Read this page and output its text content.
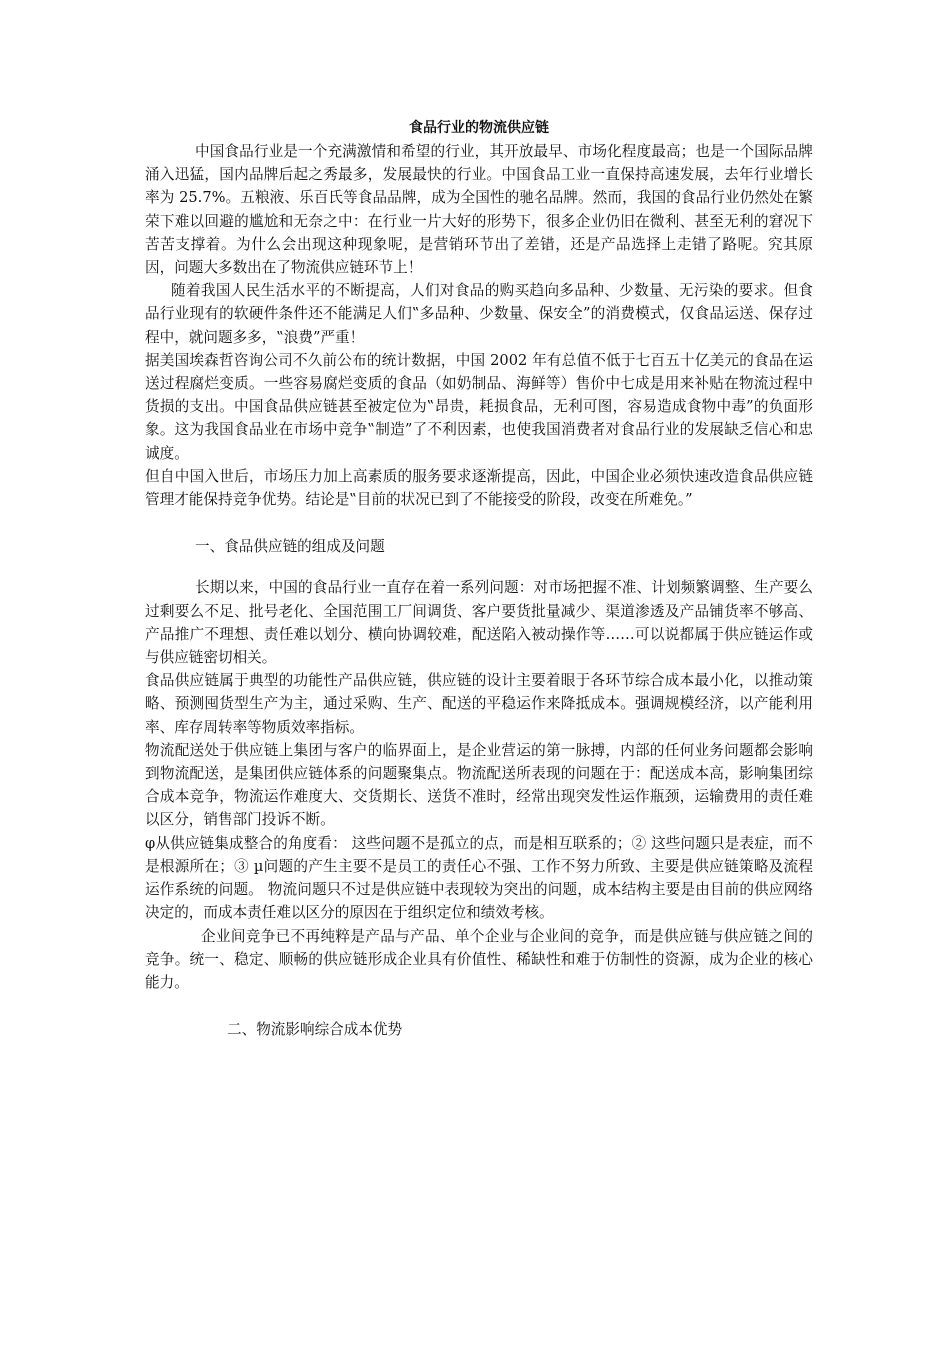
食品行业的物流供应链

中国食品行业是一个充满激情和希望的行业，其开放最早、市场化程度最高；也是一个国际品牌涌入迅猛，国内品牌后起之秀最多，发展最快的行业。中国食品工业一直保持高速发展，去年行业增长率为 25.7%。五粮液、乐百氏等食品品牌，成为全国性的驰名品牌。然而，我国的食品行业仍然处在繁荣下难以回避的尴尬和无奈之中：在行业一片大好的形势下，很多企业仍旧在微利、甚至无利的窘况下苦苦支撑着。为什么会出现这种现象呢，是营销环节出了差错，还是产品选择上走错了路呢。究其原因，问题大多数出在了物流供应链环节上！

随着我国人民生活水平的不断提高，人们对食品的购买趋向多品种、少数量、无污染的要求。但食品行业现有的软硬件条件还不能满足人们‟多品种、少数量、保安全”的消费模式，仅食品运送、保存过程中，就问题多多，‟浪费”严重！

据美国埃森哲咨询公司不久前公布的统计数据，中国 2002 年有总值不低于七百五十亿美元的食品在运送过程腐烂变质。一些容易腐烂变质的食品（如奶制品、海鲜等）售价中七成是用来补贴在物流过程中货损的支出。中国食品供应链甚至被定位为‟昂贵，耗损食品，无利可图，容易造成食物中毒”的负面形象。这为我国食品业在市场中竞争‟制造”了不利因素，也使我国消费者对食品行业的发展缺乏信心和忠诚度。

但自中国入世后，市场压力加上高素质的服务要求逐渐提高，因此，中国企业必须快速改造食品供应链管理才能保持竞争优势。结论是‟目前的状况已到了不能接受的阶段，改变在所难免。”

一、食品供应链的组成及问题

长期以来，中国的食品行业一直存在着一系列问题：对市场把握不准、计划频繁调整、生产要么过剩要么不足、批号老化、全国范围工厂间调货、客户要货批量减少、渠道渗透及产品铺货率不够高、产品推广不理想、责任难以划分、横向协调较难，配送陷入被动操作等……可以说都属于供应链运作或与供应链密切相关。

食品供应链属于典型的功能性产品供应链，供应链的设计主要着眼于各环节综合成本最小化，以推动策略、预测囤货型生产为主，通过采购、生产、配送的平稳运作来降抵成本。强调规模经济，以产能利用率、库存周转率等物质效率指标。

物流配送处于供应链上集团与客户的临界面上，是企业营运的第一脉搏，内部的任何业务问题都会影响到物流配送，是集团供应链体系的问题聚集点。物流配送所表现的问题在于：配送成本高，影响集团综合成本竞争，物流运作难度大、交货期长、送货不准时，经常出现突发性运作瓶颈，运输费用的责任难以区分，销售部门投诉不断。

φ从供应链集成整合的角度看： 这些问题不是孤立的点，而是相互联系的；② 这些问题只是表症，而不是根源所在；③ µ问题的产生主要不是员工的责任心不强、工作不努力所致、主要是供应链策略及流程运作系统的问题。 物流问题只不过是供应链中表现较为突出的问题，成本结构主要是由目前的供应网络决定的，而成本责任难以区分的原因在于组织定位和绩效考核。

企业间竞争已不再纯粹是产品与产品、单个企业与企业间的竞争，而是供应链与供应链之间的竞争。统一、稳定、顺畅的供应链形成企业具有价值性、稀缺性和难于仿制性的资源，成为企业的核心能力。

二、物流影响综合成本优势
